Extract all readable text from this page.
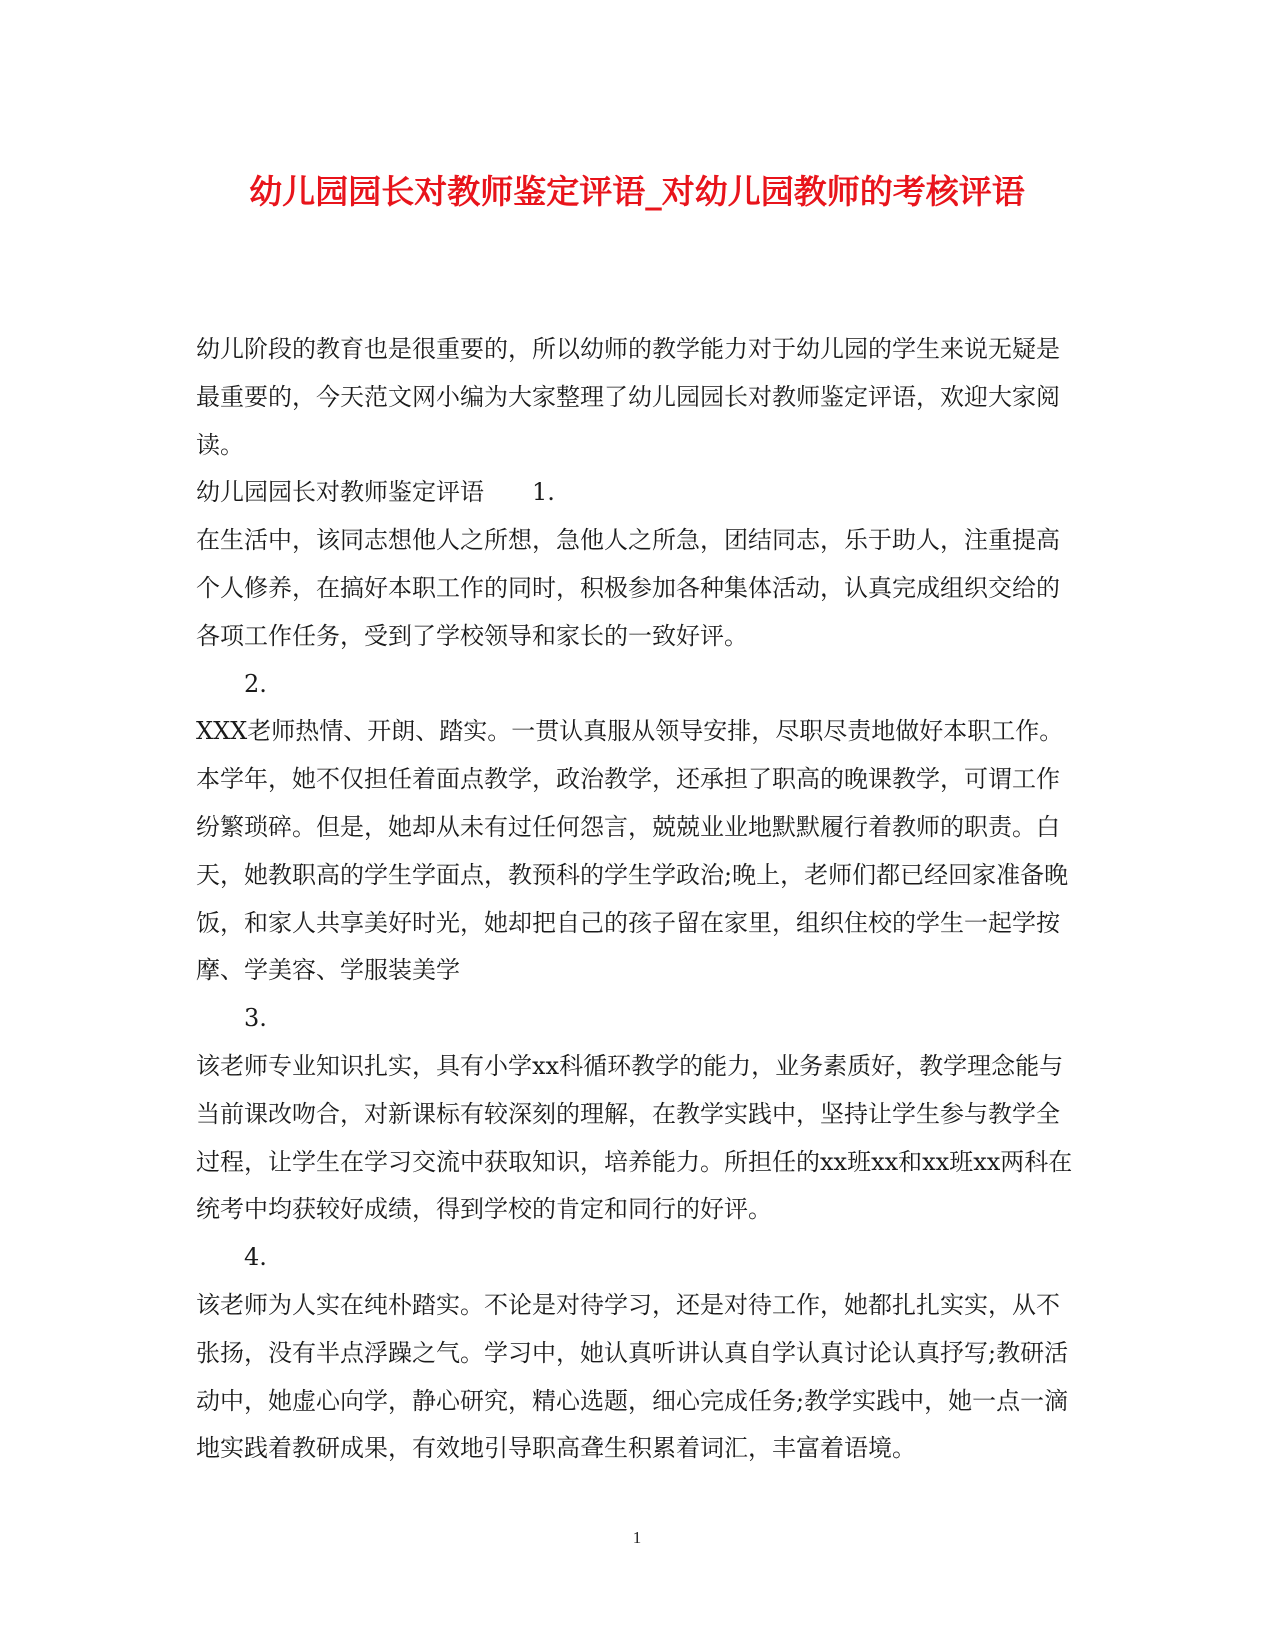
幼儿园园长对教师鉴定评语_对幼儿园教师的考核评语

幼儿阶段的教育也是很重要的，所以幼师的教学能力对于幼儿园的学生来说无疑是最重要的，今天范文网小编为大家整理了幼儿园园长对教师鉴定评语，欢迎大家阅读。

幼儿园园长对教师鉴定评语　　1.

在生活中，该同志想他人之所想，急他人之所急，团结同志，乐于助人，注重提高个人修养，在搞好本职工作的同时，积极参加各种集体活动，认真完成组织交给的各项工作任务，受到了学校领导和家长的一致好评。

2.

XXX老师热情、开朗、踏实。一贯认真服从领导安排，尽职尽责地做好本职工作。本学年，她不仅担任着面点教学，政治教学，还承担了职高的晚课教学，可谓工作纷繁琐碎。但是，她却从未有过任何怨言，兢兢业业地默默履行着教师的职责。白天，她教职高的学生学面点，教预科的学生学政治;晚上，老师们都已经回家准备晚饭，和家人共享美好时光，她却把自己的孩子留在家里，组织住校的学生一起学按摩、学美容、学服装美学

3.

该老师专业知识扎实，具有小学xx科循环教学的能力，业务素质好，教学理念能与当前课改吻合，对新课标有较深刻的理解，在教学实践中，坚持让学生参与教学全过程，让学生在学习交流中获取知识，培养能力。所担任的xx班xx和xx班xx两科在统考中均获较好成绩，得到学校的肯定和同行的好评。

4.

该老师为人实在纯朴踏实。不论是对待学习，还是对待工作，她都扎扎实实，从不张扬，没有半点浮躁之气。学习中，她认真听讲认真自学认真讨论认真抒写;教研活动中，她虚心向学，静心研究，精心选题，细心完成任务;教学实践中，她一点一滴地实践着教研成果，有效地引导职高聋生积累着词汇，丰富着语境。

1
